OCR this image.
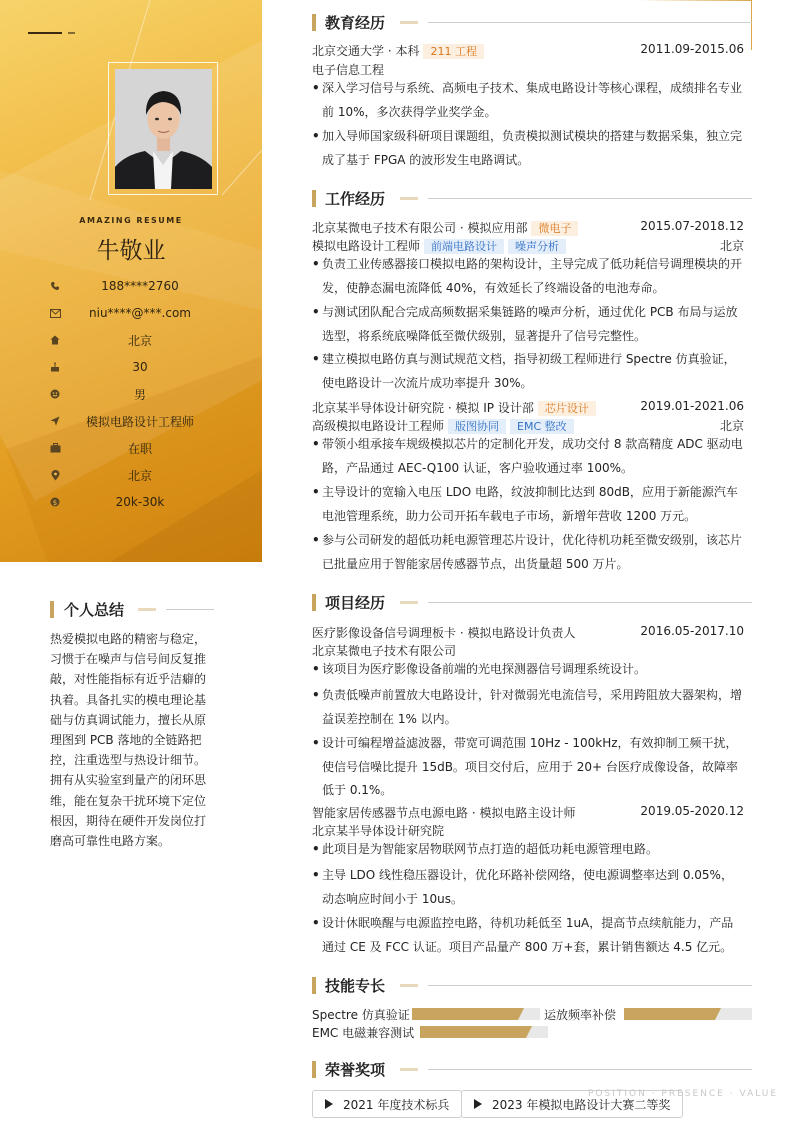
AMAZING RESUME
牛敬业
188****2760
niu****@***.com
北京
30
男
模拟电路设计工程师
在职
北京
$	20k-30k
个人总结
热爱模拟电路的精密与稳定，习惯于在噪声与信号间反复推敲，对性能指标有近乎洁癖的执着。具备扎实的模电理论基础与仿真调试能力，擅长从原理图到 PCB 落地的全链路把控，注重选型与热设计细节。拥有从实验室到量产的闭环思维，能在复杂干扰环境下定位根因，期待在硬件开发岗位打磨高可靠性电路方案。
教育经历
北京交通大学 · 本科 211 工程	2011.09-2015.06
电子信息工程
• 深入学习信号与系统、高频电子技术、集成电路设计等核心课程，成绩排名专业前 10%，多次获得学业奖学金。
• 加入导师国家级科研项目课题组，负责模拟测试模块的搭建与数据采集，独立完成了基于 FPGA 的波形发生电路调试。
工作经历
北京某微电子技术有限公司 · 模拟应用部 微电子	2015.07-2018.12
模拟电路设计工程师 前端电路设计 噪声分析	北京
• 负责工业传感器接口模拟电路的架构设计，主导完成了低功耗信号调理模块的开发，使静态漏电流降低 40%，有效延长了终端设备的电池寿命。
• 与测试团队配合完成高频数据采集链路的噪声分析，通过优化 PCB 布局与运放选型，将系统底噪降低至微伏级别，显著提升了信号完整性。
• 建立模拟电路仿真与测试规范文档，指导初级工程师进行 Spectre 仿真验证，使电路设计一次流片成功率提升 30%。
北京某半导体设计研究院 · 模拟 IP 设计部 芯片设计	2019.01-2021.06
高级模拟电路设计工程师 版图协同 EMC 整改	北京
• 带领小组承接车规级模拟芯片的定制化开发，成功交付 8 款高精度 ADC 驱动电路，产品通过 AEC-Q100 认证，客户验收通过率 100%。
• 主导设计的宽输入电压 LDO 电路，纹波抑制比达到 80dB，应用于新能源汽车电池管理系统，助力公司开拓车载电子市场，新增年营收 1200 万元。
• 参与公司研发的超低功耗电源管理芯片设计，优化待机功耗至微安级别，该芯片已批量应用于智能家居传感器节点，出货量超 500 万片。
项目经历
医疗影像设备信号调理板卡 · 模拟电路设计负责人	2016.05-2017.10
北京某微电子技术有限公司
• 该项目为医疗影像设备前端的光电探测器信号调理系统设计。
• 负责低噪声前置放大电路设计，针对微弱光电流信号，采用跨阻放大器架构，增益误差控制在 1% 以内。
• 设计可编程增益滤波器，带宽可调范围 10Hz - 100kHz，有效抑制工频干扰，使信号信噪比提升 15dB。项目交付后，应用于 20+ 台医疗成像设备，故障率低于 0.1%。
智能家居传感器节点电源电路 · 模拟电路主设计师	2019.05-2020.12
北京某半导体设计研究院
• 此项目是为智能家居物联网节点打造的超低功耗电源管理电路。
• 主导 LDO 线性稳压器设计，优化环路补偿网络，使电源调整率达到 0.05%，动态响应时间小于 10us。
• 设计休眠唤醒与电源监控电路，待机功耗低至 1uA，提高节点续航能力，产品通过 CE 及 FCC 认证。项目产品量产 800 万+套，累计销售额达 4.5 亿元。
技能专长
Spectre 仿真验证	运放频率补偿
EMC 电磁兼容测试
荣誉奖项
2021 年度技术标兵	2023 年模拟电路设计大赛二等奖
POSITION · PRESENCE · VALUE
